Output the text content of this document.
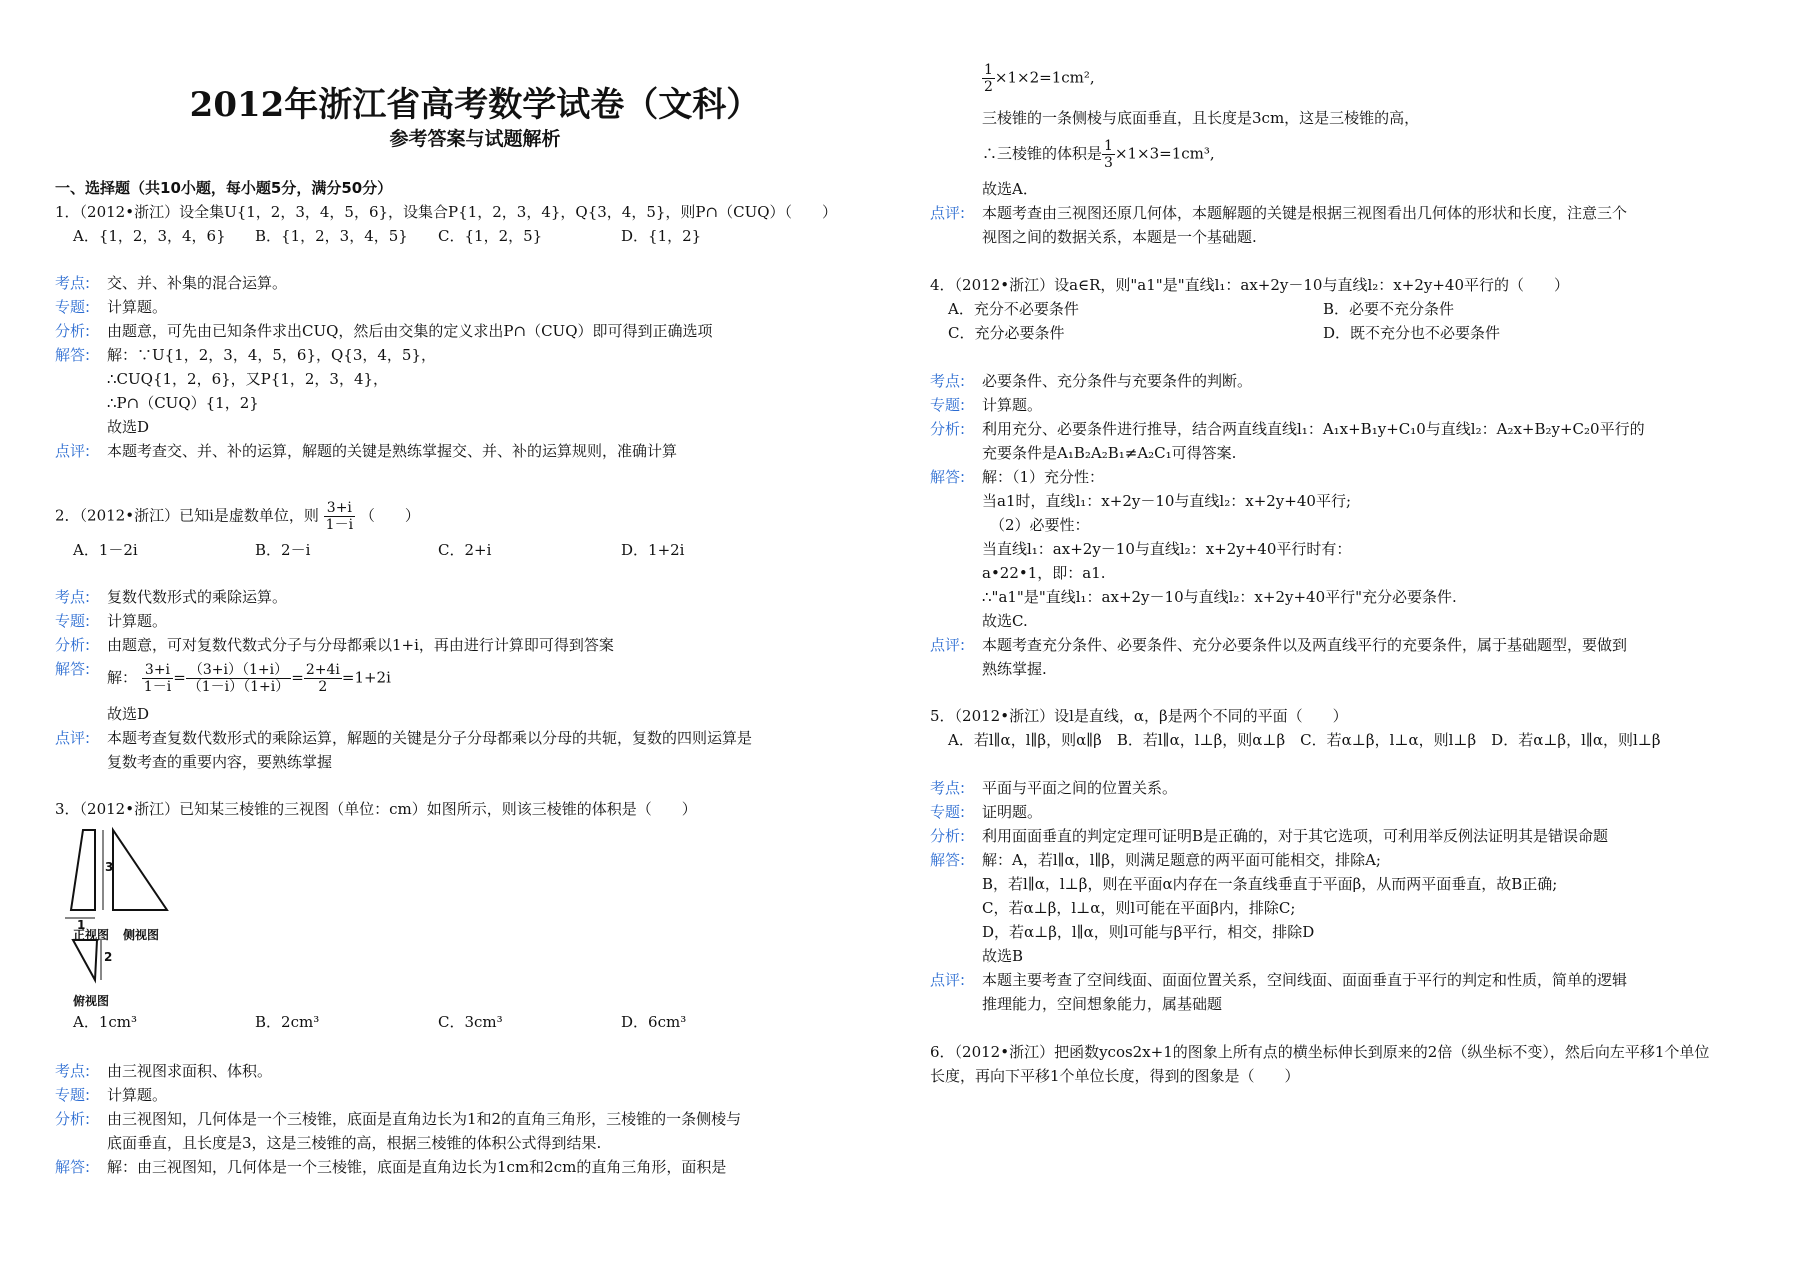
2012年浙江省高考数学试卷（文科）
参考答案与试题解析
一、选择题（共10小题，每小题5分，满分50分）
1．（2012•浙江）设全集U{1，2，3，4，5，6}，设集合P{1，2，3，4}，Q{3，4，5}，则P∩（CUQ）（　　）
A．{1，2，3，4，6} B．{1，2，3，4，5} C．{1，2，5}	D．{1，2}
考点: 交、并、补集的混合运算。
专题: 计算题。
分析: 由题意，可先由已知条件求出CUQ，然后由交集的定义求出P∩（CUQ）即可得到正确选项
解答: 解：∵U{1，2，3，4，5，6}，Q{3，4，5}，
∴CUQ{1，2，6}，又P{1，2，3，4}，
∴P∩（CUQ）{1，2}
故选D
点评: 本题考查交、并、补的运算，解题的关键是熟练掌握交、并、补的运算规则，准确计算
2．（2012•浙江）已知i是虚数单位，则 $\frac{3+i}{1-i}$ （　　）
A．1－2i	B．2－i	C．2+i	D．1+2i
考点: 复数代数形式的乘除运算。
专题: 计算题。
分析: 由题意，可对复数代数式分子与分母都乘以1+i，再由进行计算即可得到答案
解答: 解： $\frac{3+i}{1-i} = \frac{(3+i)(1+i)}{(1-i)(1+i)} = \frac{2+4i}{2} =1+2i$
故选D
点评: 本题考查复数代数形式的乘除运算，解题的关键是分子分母都乘以分母的共轭，复数的四则运算是
复数考查的重要内容，要熟练掌握
3．（2012•浙江）已知某三棱锥的三视图（单位：cm）如图所示，则该三棱锥的体积是（　　）
3
1
2
正视图 侧视图
俯视图
A．1cm³	B．2cm³	C．3cm³	D．6cm³
考点: 由三视图求面积、体积。
专题: 计算题。
分析: 由三视图知，几何体是一个三棱锥，底面是直角边长为1和2的直角三角形，三棱锥的一条侧棱与
底面垂直，且长度是3，这是三棱锥的高，根据三棱锥的体积公式得到结果.
解答: 解：由三视图知，几何体是一个三棱锥，底面是直角边长为1cm和2cm的直角三角形，面积是
$\frac{1}{2} \times 1\times 2=1cm^2$,
三棱锥的一条侧棱与底面垂直，且长度是3cm，这是三棱锥的高，
∴三棱锥的体积是 $\frac{1}{3} \times 1\times 3=1cm^3$,
故选A．
点评: 本题考查由三视图还原几何体，本题解题的关键是根据三视图看出几何体的形状和长度，注意三个
视图之间的数据关系，本题是一个基础题.
4．（2012•浙江）设a∈R，则"a1"是"直线l₁：ax+2y－10与直线l₂：x+2y+40平行的（　　）
A．充分不必要条件	B．必要不充分条件
C．充分必要条件	D．既不充分也不必要条件
考点: 必要条件、充分条件与充要条件的判断。
专题: 计算题。
分析: 利用充分、必要条件进行推导，结合两直线直线l₁：A₁x+B₁y+C₁0与直线l₂：A₂x+B₂y+C₂0平行的
充要条件是A₁B₂A₂B₁≠A₂C₁可得答案.
解答: 解：（1）充分性：
当a1时，直线l₁：x+2y－10与直线l₂：x+2y+40平行;
（2）必要性：
当直线l₁：ax+2y－10与直线l₂：x+2y+40平行时有：
a•22•1，即：a1.
∴"a1"是"直线l₁：ax+2y－10与直线l₂：x+2y+40平行"充分必要条件.
故选C.
点评: 本题考查充分条件、必要条件、充分必要条件以及两直线平行的充要条件，属于基础题型，要做到
熟练掌握.
5．（2012•浙江）设l是直线，α，β是两个不同的平面（　　）
A．若l∥α，l∥β，则α∥β　B．若l∥α，l⊥β，则α⊥β　C．若α⊥β，l⊥α，则l⊥β　D．若α⊥β，l∥α，则l⊥β
考点: 平面与平面之间的位置关系。
专题: 证明题。
分析: 利用面面垂直的判定定理可证明B是正确的，对于其它选项，可利用举反例法证明其是错误命题
解答: 解：A，若l∥α，l∥β，则满足题意的两平面可能相交，排除A;
B，若l∥α，l⊥β，则在平面α内存在一条直线垂直于平面β，从而两平面垂直，故B正确;
C，若α⊥β，l⊥α，则l可能在平面β内，排除C;
D，若α⊥β，l∥α，则l可能与β平行，相交，排除D
故选B
点评: 本题主要考查了空间线面、面面位置关系，空间线面、面面垂直于平行的判定和性质，简单的逻辑
推理能力，空间想象能力，属基础题
6．（2012•浙江）把函数ycos2x+1的图象上所有点的横坐标伸长到原来的2倍（纵坐标不变），然后向左平移1个单位
长度，再向下平移1个单位长度，得到的图象是（　　）
